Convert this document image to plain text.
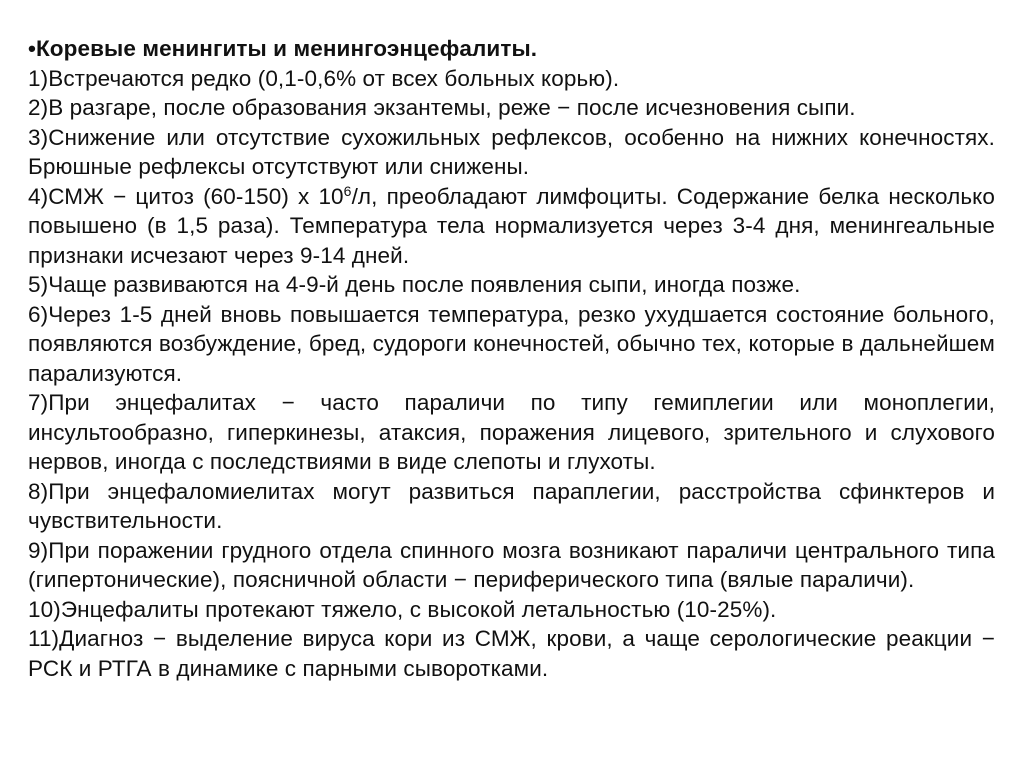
•Коревые менингиты и менингоэнцефалиты.

1)Встречаются редко (0,1-0,6% от всех больных корью).

2)В разгаре, после образования экзантемы, реже − после исчезновения сыпи.

3)Снижение или отсутствие сухожильных рефлексов, особенно на нижних конечностях. Брюшные рефлексы отсутствуют или снижены.

4)СМЖ − цитоз (60-150) х $10^6/л$, преобладают лимфоциты. Содержание белка несколько повышено (в 1,5 раза). Температура тела нормализуется через 3-4 дня, менингеальные признаки исчезают через 9-14 дней.

5)Чаще развиваются на 4-9-й день после появления сыпи, иногда позже.

6)Через 1-5 дней вновь повышается температура, резко ухудшается состояние больного, появляются возбуждение, бред, судороги конечностей, обычно тех, которые в дальнейшем парализуются.

7)При энцефалитах − часто параличи по типу гемиплегии или моноплегии, инсультообразно, гиперкинезы, атаксия, поражения лицевого, зрительного и слухового нервов, иногда с последствиями в виде слепоты и глухоты.

8)При энцефаломиелитах могут развиться параплегии, расстройства сфинктеров и чувствительности.

9)При поражении грудного отдела спинного мозга возникают параличи центрального типа (гипертонические), поясничной области − периферического типа (вялые параличи).

10)Энцефалиты протекают тяжело, с высокой летальностью (10-25%).

11)Диагноз − выделение вируса кори из СМЖ, крови, а чаще серологические реакции − РСК и РТГА в динамике с парными сыворотками.
